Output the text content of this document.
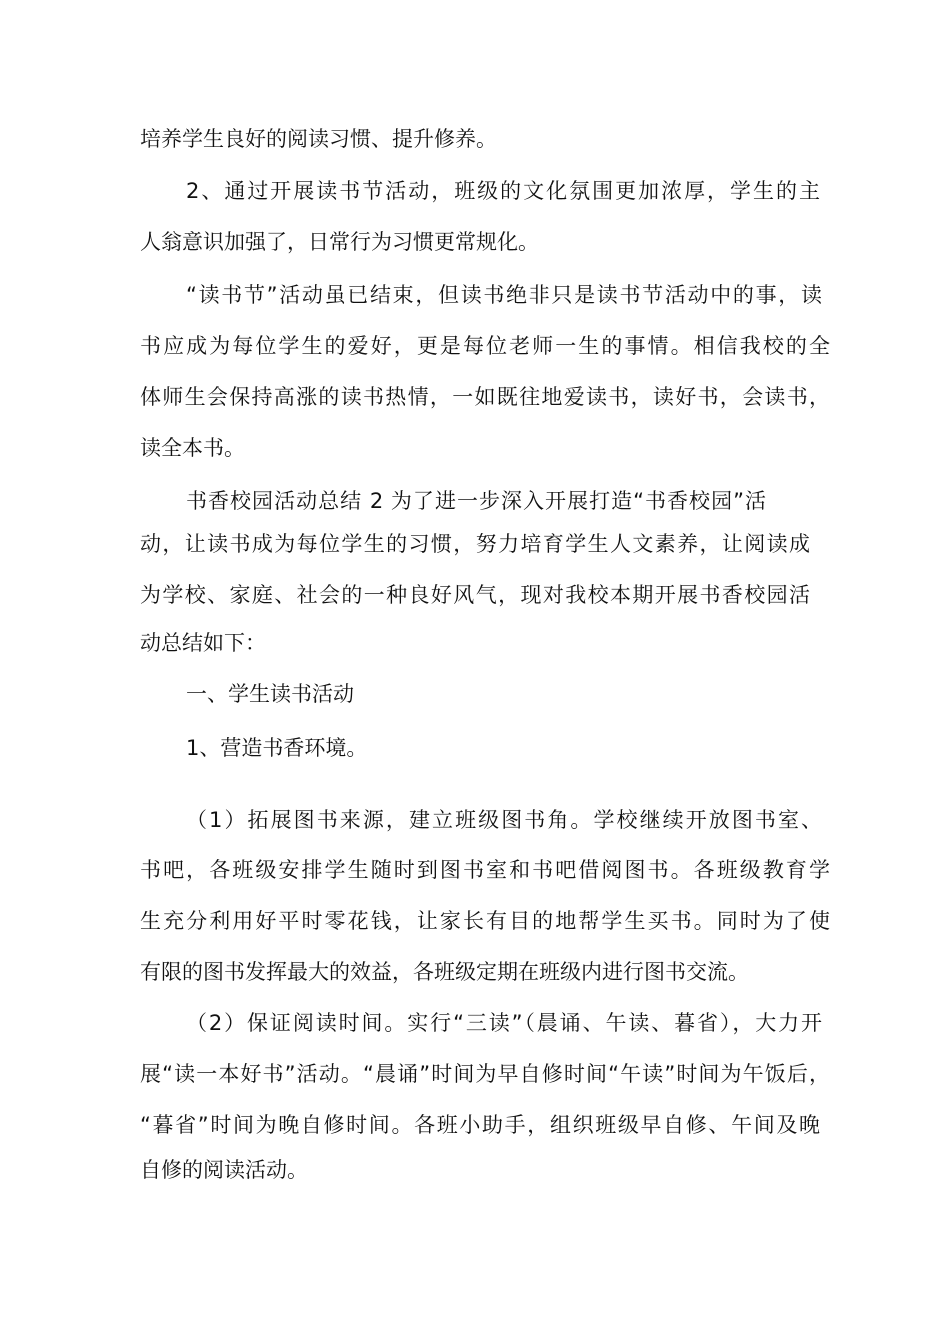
培养学生良好的阅读习惯、提升修养。
2、通过开展读书节活动，班级的文化氛围更加浓厚，学生的主
人翁意识加强了，日常行为习惯更常规化。
“读书节”活动虽已结束，但读书绝非只是读书节活动中的事，读
书应成为每位学生的爱好，更是每位老师一生的事情。相信我校的全
体师生会保持高涨的读书热情，一如既往地爱读书，读好书，会读书，
读全本书。
书香校园活动总结 2 为了进一步深入开展打造“书香校园”活
动，让读书成为每位学生的习惯，努力培育学生人文素养，让阅读成
为学校、家庭、社会的一种良好风气，现对我校本期开展书香校园活
动总结如下：
一、学生读书活动
1、营造书香环境。
（1）拓展图书来源，建立班级图书角。学校继续开放图书室、
书吧，各班级安排学生随时到图书室和书吧借阅图书。各班级教育学
生充分利用好平时零花钱，让家长有目的地帮学生买书。同时为了使
有限的图书发挥最大的效益，各班级定期在班级内进行图书交流。
（2）保证阅读时间。实行“三读”（晨诵、午读、暮省），大力开
展“读一本好书”活动。“晨诵”时间为早自修时间“午读”时间为午饭后，
“暮省”时间为晚自修时间。各班小助手，组织班级早自修、午间及晚
自修的阅读活动。
